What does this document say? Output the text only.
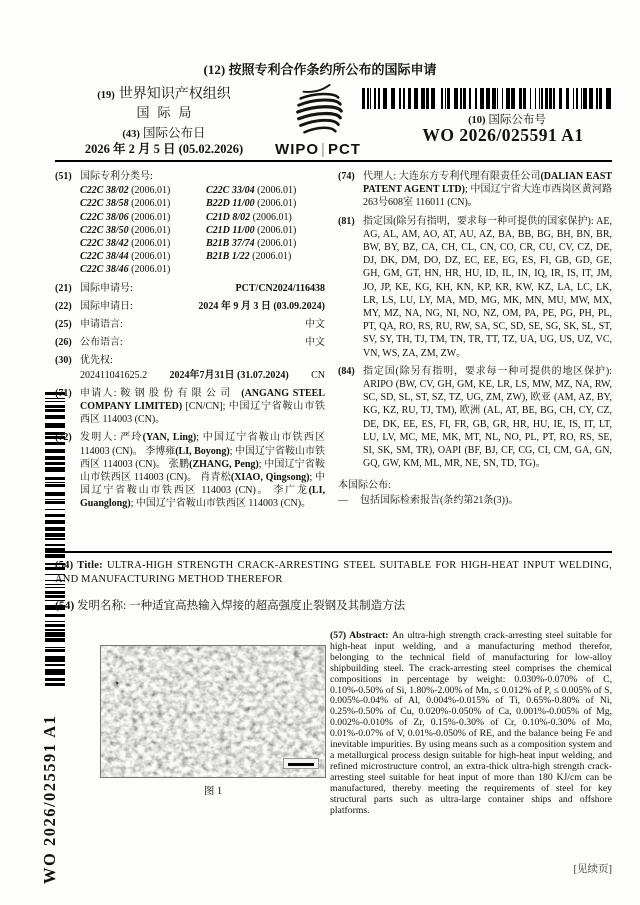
WO 2026/025591 A1
(12) 按照专利合作条约所公布的国际申请
(19) 世界知识产权组织
国际局
(43) 国际公布日
2026 年 2 月 5 日 (05.02.2026)	WIPO | PCT
(10) 国际公布号
WO 2026/025591 A1
(51) 国际专利分类号:
C22C 38/02 (2006.01)
C22C 38/58 (2006.01)
C22C 38/06 (2006.01)
C22C 38/50 (2006.01)
C22C 38/42 (2006.01)
C22C 38/44 (2006.01)
C22C 38/46 (2006.01)
C22C 33/04 (2006.01)
B22D 11/00 (2006.01)
C21D 8/02 (2006.01)
C21D 11/00 (2006.01)
B21B 37/74 (2006.01)
B21B 1/22 (2006.01)
(21) 国际申请号:	PCT/CN2024/116438
(22) 国际申请日:	2024 年 9 月 3 日 (03.09.2024)
(25) 申请语言:	中文
(26) 公布语言:	中文
(30) 优先权:
202411041625.2 2024年7月31日 (31.07.2024) CN
(71) 申请人: 鞍钢股份有限公司 (ANGANG STEEL COMPANY LIMITED) [CN/CN]; 中国辽宁省鞍山市铁西区 114003 (CN)。
(72) 发明人: 严玲(YAN, Ling); 中国辽宁省鞍山市铁西区 114003 (CN)。 李博雍(LI, Boyong); 中国辽宁省鞍山市铁西区 114003 (CN)。 张鹏(ZHANG, Peng); 中国辽宁省鞍山市铁西区 114003 (CN)。 肖青松(XIAO, Qingsong); 中国辽宁省鞍山市铁西区 114003 (CN)。 李广龙(LI, Guanglong); 中国辽宁省鞍山市铁西区 114003 (CN)。
(74) 代理人: 大连东方专利代理有限责任公司(DALIAN EAST PATENT AGENT LTD); 中国辽宁省大连市西岗区黄河路263号608室 116011 (CN)。
(81) 指定国(除另有指明，要求每一种可提供的国家保护): AE, AG, AL, AM, AO, AT, AU, AZ, BA, BB, BG, BH, BN, BR, BW, BY, BZ, CA, CH, CL, CN, CO, CR, CU, CV, CZ, DE, DJ, DK, DM, DO, DZ, EC, EE, EG, ES, FI, GB, GD, GE, GH, GM, GT, HN, HR, HU, ID, IL, IN, IQ, IR, IS, IT, JM, JO, JP, KE, KG, KH, KN, KP, KR, KW, KZ, LA, LC, LK, LR, LS, LU, LY, MA, MD, MG, MK, MN, MU, MW, MX, MY, MZ, NA, NG, NI, NO, NZ, OM, PA, PE, PG, PH, PL, PT, QA, RO, RS, RU, RW, SA, SC, SD, SE, SG, SK, SL, ST, SV, SY, TH, TJ, TM, TN, TR, TT, TZ, UA, UG, US, UZ, VC, VN, WS, ZA, ZM, ZW。
(84) 指定国(除另有指明，要求每一种可提供的地区保护): ARIPO (BW, CV, GH, GM, KE, LR, LS, MW, MZ, NA, RW, SC, SD, SL, ST, SZ, TZ, UG, ZM, ZW), 欧亚 (AM, AZ, BY, KG, KZ, RU, TJ, TM), 欧洲 (AL, AT, BE, BG, CH, CY, CZ, DE, DK, EE, ES, FI, FR, GB, GR, HR, HU, IE, IS, IT, LT, LU, LV, MC, ME, MK, MT, NL, NO, PL, PT, RO, RS, SE, SI, SK, SM, TR), OAPI (BF, BJ, CF, CG, CI, CM, GA, GN, GQ, GW, KM, ML, MR, NE, SN, TD, TG)。
本国际公布:
—	包括国际检索报告(条约第21条(3))。
(54) Title: ULTRA-HIGH STRENGTH CRACK-ARRESTING STEEL SUITABLE FOR HIGH-HEAT INPUT WELDING, AND MANUFACTURING METHOD THEREFOR
(54) 发明名称: 一种适宜高热输入焊接的超高强度止裂钢及其制造方法
图 1
(57) Abstract: An ultra-high strength crack-arresting steel suitable for high-heat input welding, and a manufacturing method therefor, belonging to the technical field of manufacturing for low-alloy shipbuilding steel. The crack-arresting steel comprises the chemical compositions in percentage by weight: 0.030%-0.070% of C, 0.10%-0.50% of Si, 1.80%-2.00% of Mn, ≤ 0.012% of P, ≤ 0.005% of S, 0.005%-0.04% of Al, 0.004%-0.015% of Ti, 0.65%-0.80% of Ni, 0.25%-0.50% of Cu, 0.020%-0.050% of Ca, 0.001%-0.005% of Mg, 0.002%-0.010% of Zr, 0.15%-0.30% of Cr, 0.10%-0.30% of Mo, 0.01%-0.07% of V, 0.01%-0.050% of RE, and the balance being Fe and inevitable impurities. By using means such as a composition system and a metallurgical process design suitable for high-heat input welding, and refined microstructure control, an extra-thick ultra-high strength crack-arresting steel suitable for heat input of more than 180 KJ/cm can be manufactured, thereby meeting the requirements of steel for key structural parts such as ultra-large container ships and offshore platforms.
[见续页]
